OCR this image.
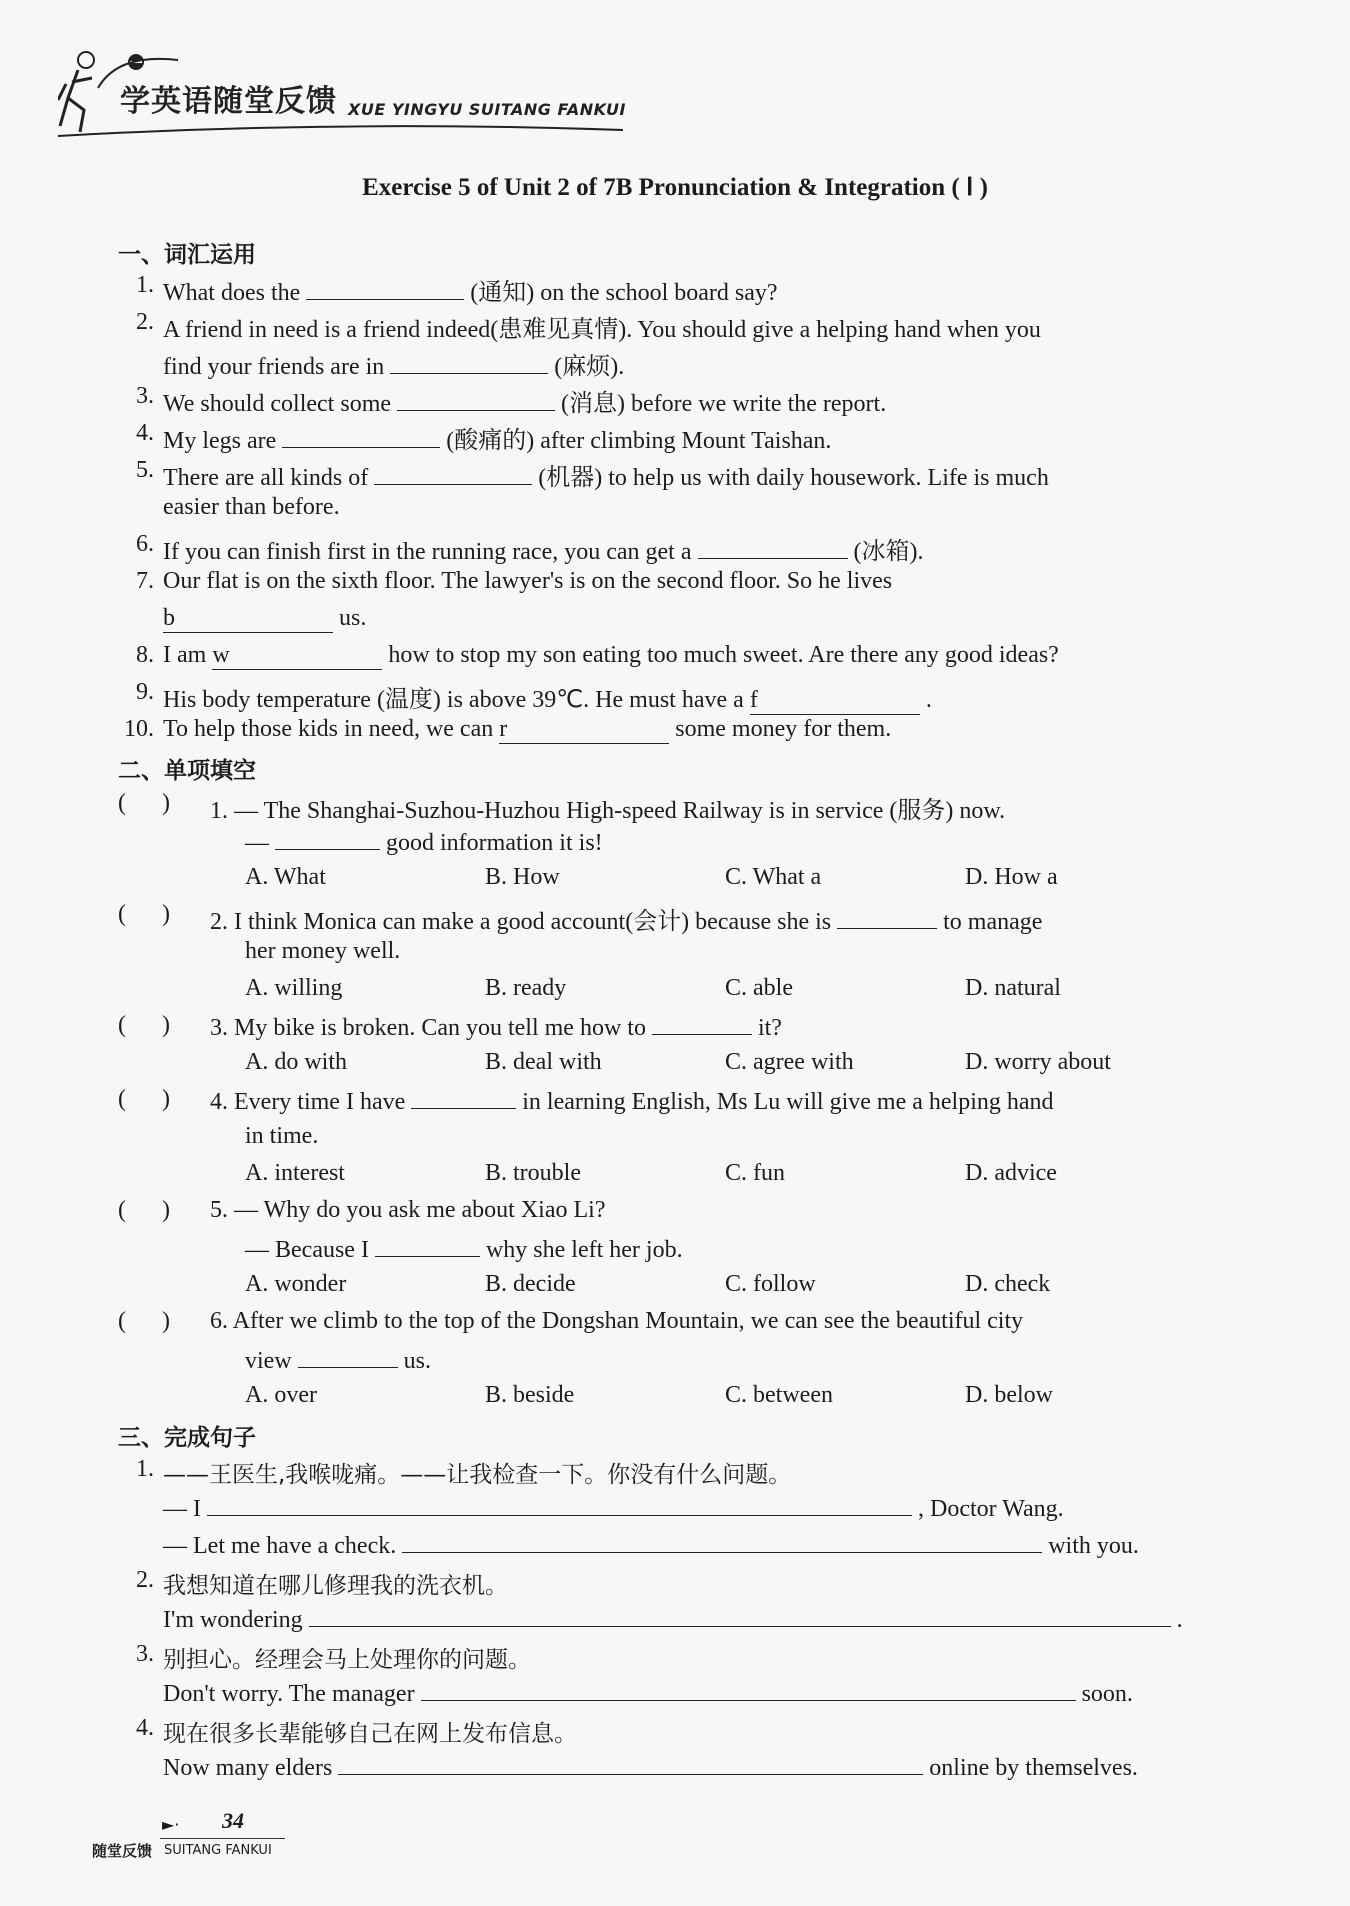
学英语随堂反馈 XUE YINGYU SUITANG FANKUI
Exercise 5 of Unit 2 of 7B Pronunciation & Integration ( Ⅰ )
一、词汇运用
1. What does the	(通知) on the school board say?
2. A friend in need is a friend indeed(患难见真情). You should give a helping hand when you
find your friends are in	(麻烦).
3. We should collect some	(消息) before we write the report.
4. My legs are	(酸痛的) after climbing Mount Taishan.
5. There are all kinds of	(机器) to help us with daily housework. Life is much
easier than before.
6. If you can finish first in the running race, you can get a	(冰箱).
7. Our flat is on the sixth floor. The lawyer's is on the second floor. So he lives
b	us.
8. I am w	how to stop my son eating too much sweet. Are there any good ideas?
9. His body temperature (温度) is above 39℃. He must have a f	.
10. To help those kids in need, we can r	some money for them.
二、单项填空
(      ) 1. — The Shanghai-Suzhou-Huzhou High-speed Railway is in service (服务) now.
—	good information it is!
A. What	B. How	C. What a	D. How a
(      ) 2. I think Monica can make a good account(会计) because she is	to manage
her money well.
A. willing	B. ready	C. able	D. natural
(      ) 3. My bike is broken. Can you tell me how to	it?
A. do with	B. deal with	C. agree with	D. worry about
(      ) 4. Every time I have	in learning English, Ms Lu will give me a helping hand
in time.
A. interest	B. trouble	C. fun	D. advice
(      ) 5. — Why do you ask me about Xiao Li?
— Because I	why she left her job.
A. wonder	B. decide	C. follow	D. check
(      ) 6. After we climb to the top of the Dongshan Mountain, we can see the beautiful city
view	us.
A. over	B. beside	C. between	D. below
三、完成句子
1. ——王医生,我喉咙痛。——让我检查一下。你没有什么问题。
— I	, Doctor Wang.
— Let me have a check.	with you.
2. 我想知道在哪儿修理我的洗衣机。
I'm wondering	.
3. 别担心。经理会马上处理你的问题。
Don't worry. The manager	soon.
4. 现在很多长辈能够自己在网上发布信息。
Now many elders	online by themselves.
►· 34
随堂反馈 SUITANG FANKUI
